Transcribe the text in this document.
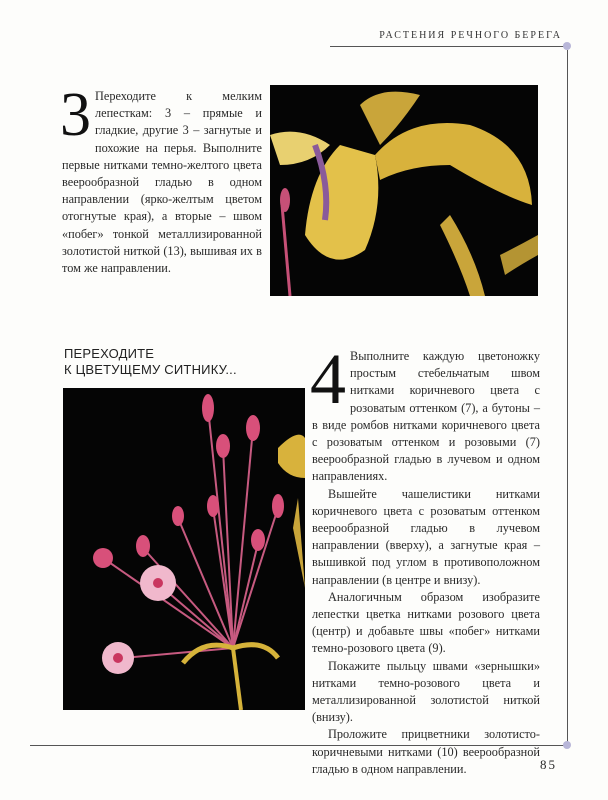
РАСТЕНИЯ РЕЧНОГО БЕРЕГА
85

3 Переходите к мелким лепесткам: 3 – прямые и гладкие, другие 3 – загнутые и похожие на перья. Выполните первые нитками темно-желтого цвета веерообразной гладью в одном направлении (ярко-желтым цветом отогнутые края), а вторые – швом «побег» тонкой металлизированной золотистой ниткой (13), вышивая их в том же направлении.

ПЕРЕХОДИТЕ
К ЦВЕТУЩЕМУ СИТНИКУ... 4 Выполните каждую цветоножку простым стебельчатым швом нитками коричневого цвета с розоватым оттенком (7), а бутоны – в виде ромбов нитками коричневого цвета с розоватым оттенком и розовыми (7) веерообразной гладью в лучевом и одном направлениях.

Вышейте чашелистики нитками коричневого цвета с розоватым оттенком веерообразной гладью в лучевом направлении (вверху), а загнутые края – вышивкой под углом в противоположном направлении (в центре и внизу).

Аналогичным образом изобразите лепестки цветка нитками розового цвета (центр) и добавьте швы «побег» нитками темно-розового цвета (9).

Покажите пыльцу швами «зернышки» нитками темно-розового цвета и металлизированной золотистой ниткой (внизу).

Проложите прицветники золотисто-коричневыми нитками (10) веерообразной гладью в одном направлении.
